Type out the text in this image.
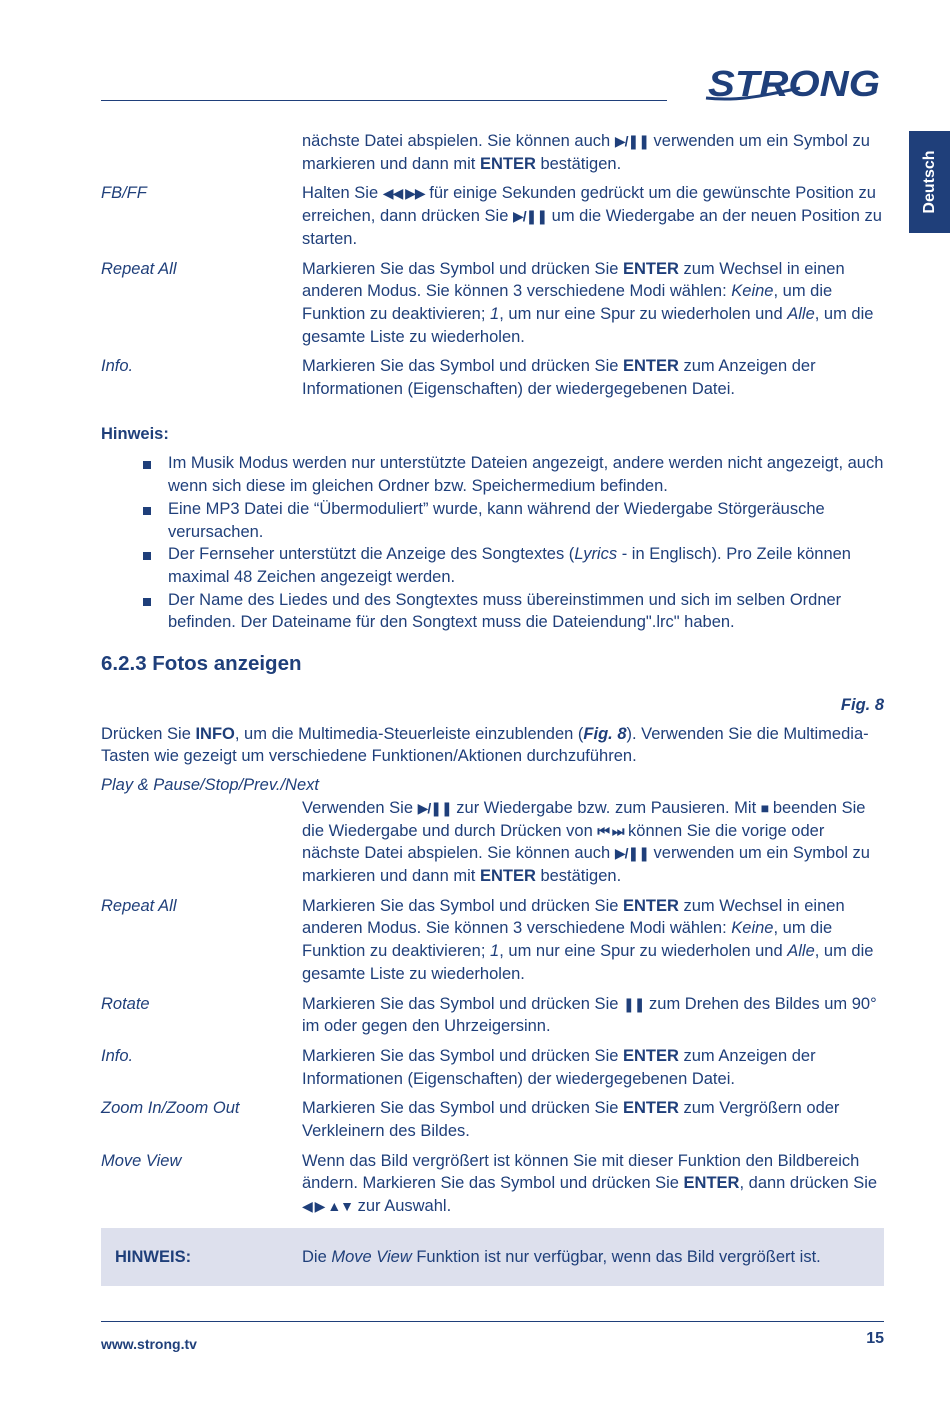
STRONG
Deutsch
nächste Datei abspielen. Sie können auch ▶/❚❚ verwenden um ein Symbol zu markieren und dann mit ENTER bestätigen.
FB/FF	Halten Sie ◀◀ ▶▶ für einige Sekunden gedrückt um die gewünschte Position zu erreichen, dann drücken Sie ▶/❚❚ um die Wiedergabe an der neuen Position zu starten.
Repeat All	Markieren Sie das Symbol und drücken Sie ENTER zum Wechsel in einen anderen Modus. Sie können 3 verschiedene Modi wählen: Keine, um die Funktion zu deaktivieren; 1, um nur eine Spur zu wiederholen und Alle, um die gesamte Liste zu wiederholen.
Info.	Markieren Sie das Symbol und drücken Sie ENTER zum Anzeigen der Informationen (Eigenschaften) der wiedergegebenen Datei.
Hinweis:
Im Musik Modus werden nur unterstützte Dateien angezeigt, andere werden nicht angezeigt, auch wenn sich diese im gleichen Ordner bzw. Speichermedium befinden.
Eine MP3 Datei die “Übermoduliert” wurde, kann während der Wiedergabe Störgeräusche verursachen.
Der Fernseher unterstützt die Anzeige des Songtextes (Lyrics - in Englisch). Pro Zeile können maximal 48 Zeichen angezeigt werden.
Der Name des Liedes und des Songtextes muss übereinstimmen und sich im selben Ordner befinden. Der Dateiname für den Songtext muss die Dateiendung".lrc" haben.
6.2.3 Fotos anzeigen
Fig. 8
Drücken Sie INFO, um die Multimedia-Steuerleiste einzublenden (Fig. 8). Verwenden Sie die Multimedia-Tasten wie gezeigt um verschiedene Funktionen/Aktionen durchzuführen.
Play & Pause/Stop/Prev./Next
Verwenden Sie ▶/❚❚ zur Wiedergabe bzw. zum Pausieren. Mit ■ beenden Sie die Wiedergabe und durch Drücken von ⏮ ⏭ können Sie die vorige oder nächste Datei abspielen. Sie können auch ▶/❚❚ verwenden um ein Symbol zu markieren und dann mit ENTER bestätigen.
Repeat All	Markieren Sie das Symbol und drücken Sie ENTER zum Wechsel in einen anderen Modus. Sie können 3 verschiedene Modi wählen: Keine, um die Funktion zu deaktivieren; 1, um nur eine Spur zu wiederholen und Alle, um die gesamte Liste zu wiederholen.
Rotate	Markieren Sie das Symbol und drücken Sie ❚❚ zum Drehen des Bildes um 90° im oder gegen den Uhrzeigersinn.
Info.	Markieren Sie das Symbol und drücken Sie ENTER zum Anzeigen der Informationen (Eigenschaften) der wiedergegebenen Datei.
Zoom In/Zoom Out	Markieren Sie das Symbol und drücken Sie ENTER zum Vergrößern oder Verkleinern des Bildes.
Move View	Wenn das Bild vergrößert ist können Sie mit dieser Funktion den Bildbereich ändern. Markieren Sie das Symbol und drücken Sie ENTER, dann drücken Sie ◀ ▶ ▲▼ zur Auswahl.
HINWEIS:	Die Move View Funktion ist nur verfügbar, wenn das Bild vergrößert ist.
www.strong.tv	15
